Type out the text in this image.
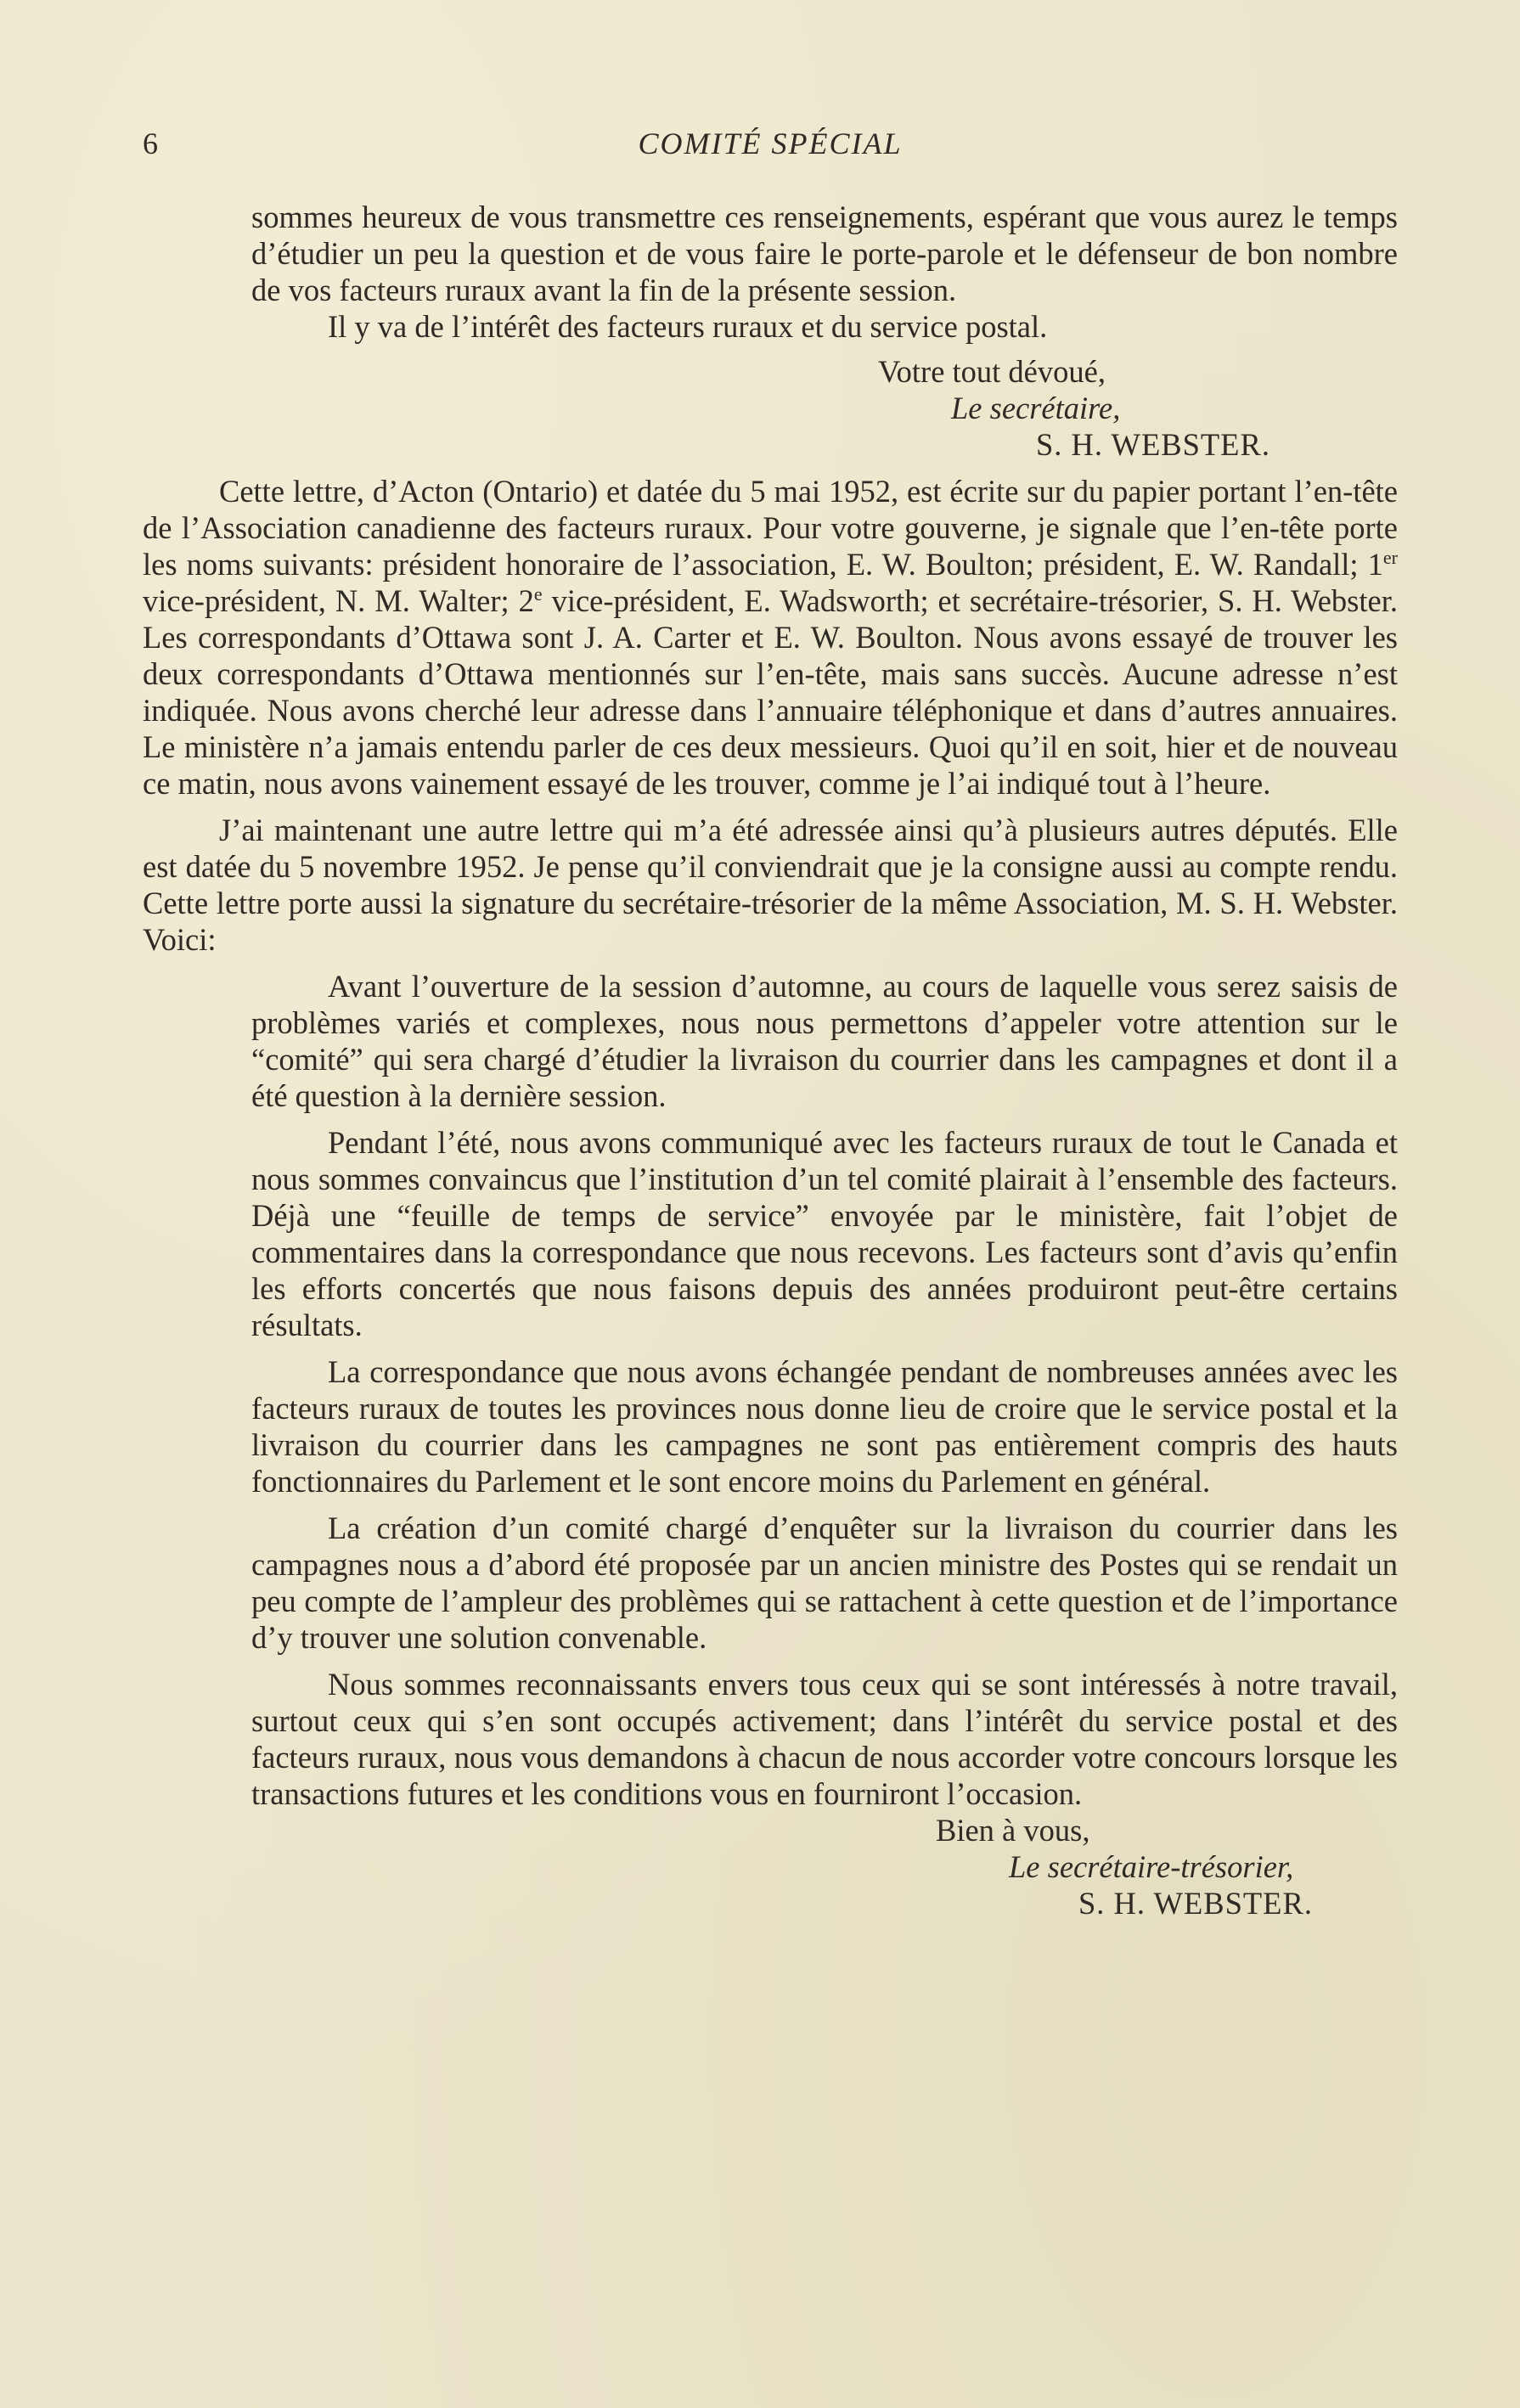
6	COMITÉ SPÉCIAL

sommes heureux de vous transmettre ces renseignements, espérant que vous aurez le temps d’étudier un peu la question et de vous faire le porte-parole et le défenseur de bon nombre de vos facteurs ruraux avant la fin de la présente session.

Il y va de l’intérêt des facteurs ruraux et du service postal.

Votre tout dévoué,

Le secrétaire,

S. H. WEBSTER.

Cette lettre, d’Acton (Ontario) et datée du 5 mai 1952, est écrite sur du papier portant l’en-tête de l’Association canadienne des facteurs ruraux. Pour votre gouverne, je signale que l’en-tête porte les noms suivants: président honoraire de l’association, E. W. Boulton; président, E. W. Randall; 1er vice-président, N. M. Walter; 2e vice-président, E. Wadsworth; et secrétaire-trésorier, S. H. Webster. Les correspondants d’Ottawa sont J. A. Carter et E. W. Boulton. Nous avons essayé de trouver les deux correspondants d’Ottawa mentionnés sur l’en-tête, mais sans succès. Aucune adresse n’est indiquée. Nous avons cherché leur adresse dans l’annuaire téléphonique et dans d’autres annuaires. Le ministère n’a jamais entendu parler de ces deux messieurs. Quoi qu’il en soit, hier et de nouveau ce matin, nous avons vainement essayé de les trouver, comme je l’ai indiqué tout à l’heure.

J’ai maintenant une autre lettre qui m’a été adressée ainsi qu’à plusieurs autres députés. Elle est datée du 5 novembre 1952. Je pense qu’il conviendrait que je la consigne aussi au compte rendu. Cette lettre porte aussi la signature du secrétaire-trésorier de la même Association, M. S. H. Webster. Voici:

Avant l’ouverture de la session d’automne, au cours de laquelle vous serez saisis de problèmes variés et complexes, nous nous permettons d’appeler votre attention sur le “comité” qui sera chargé d’étudier la livraison du courrier dans les campagnes et dont il a été question à la dernière session.

Pendant l’été, nous avons communiqué avec les facteurs ruraux de tout le Canada et nous sommes convaincus que l’institution d’un tel comité plairait à l’ensemble des facteurs. Déjà une “feuille de temps de service” envoyée par le ministère, fait l’objet de commentaires dans la correspondance que nous recevons. Les facteurs sont d’avis qu’enfin les efforts concertés que nous faisons depuis des années produiront peut-être certains résultats.

La correspondance que nous avons échangée pendant de nombreuses années avec les facteurs ruraux de toutes les provinces nous donne lieu de croire que le service postal et la livraison du courrier dans les campagnes ne sont pas entièrement compris des hauts fonctionnaires du Parlement et le sont encore moins du Parlement en général.

La création d’un comité chargé d’enquêter sur la livraison du courrier dans les campagnes nous a d’abord été proposée par un ancien ministre des Postes qui se rendait un peu compte de l’ampleur des problèmes qui se rattachent à cette question et de l’importance d’y trouver une solution convenable.

Nous sommes reconnaissants envers tous ceux qui se sont intéressés à notre travail, surtout ceux qui s’en sont occupés activement; dans l’intérêt du service postal et des facteurs ruraux, nous vous demandons à chacun de nous accorder votre concours lorsque les transactions futures et les conditions vous en fourniront l’occasion.

Bien à vous,

Le secrétaire-trésorier,

S. H. WEBSTER.
